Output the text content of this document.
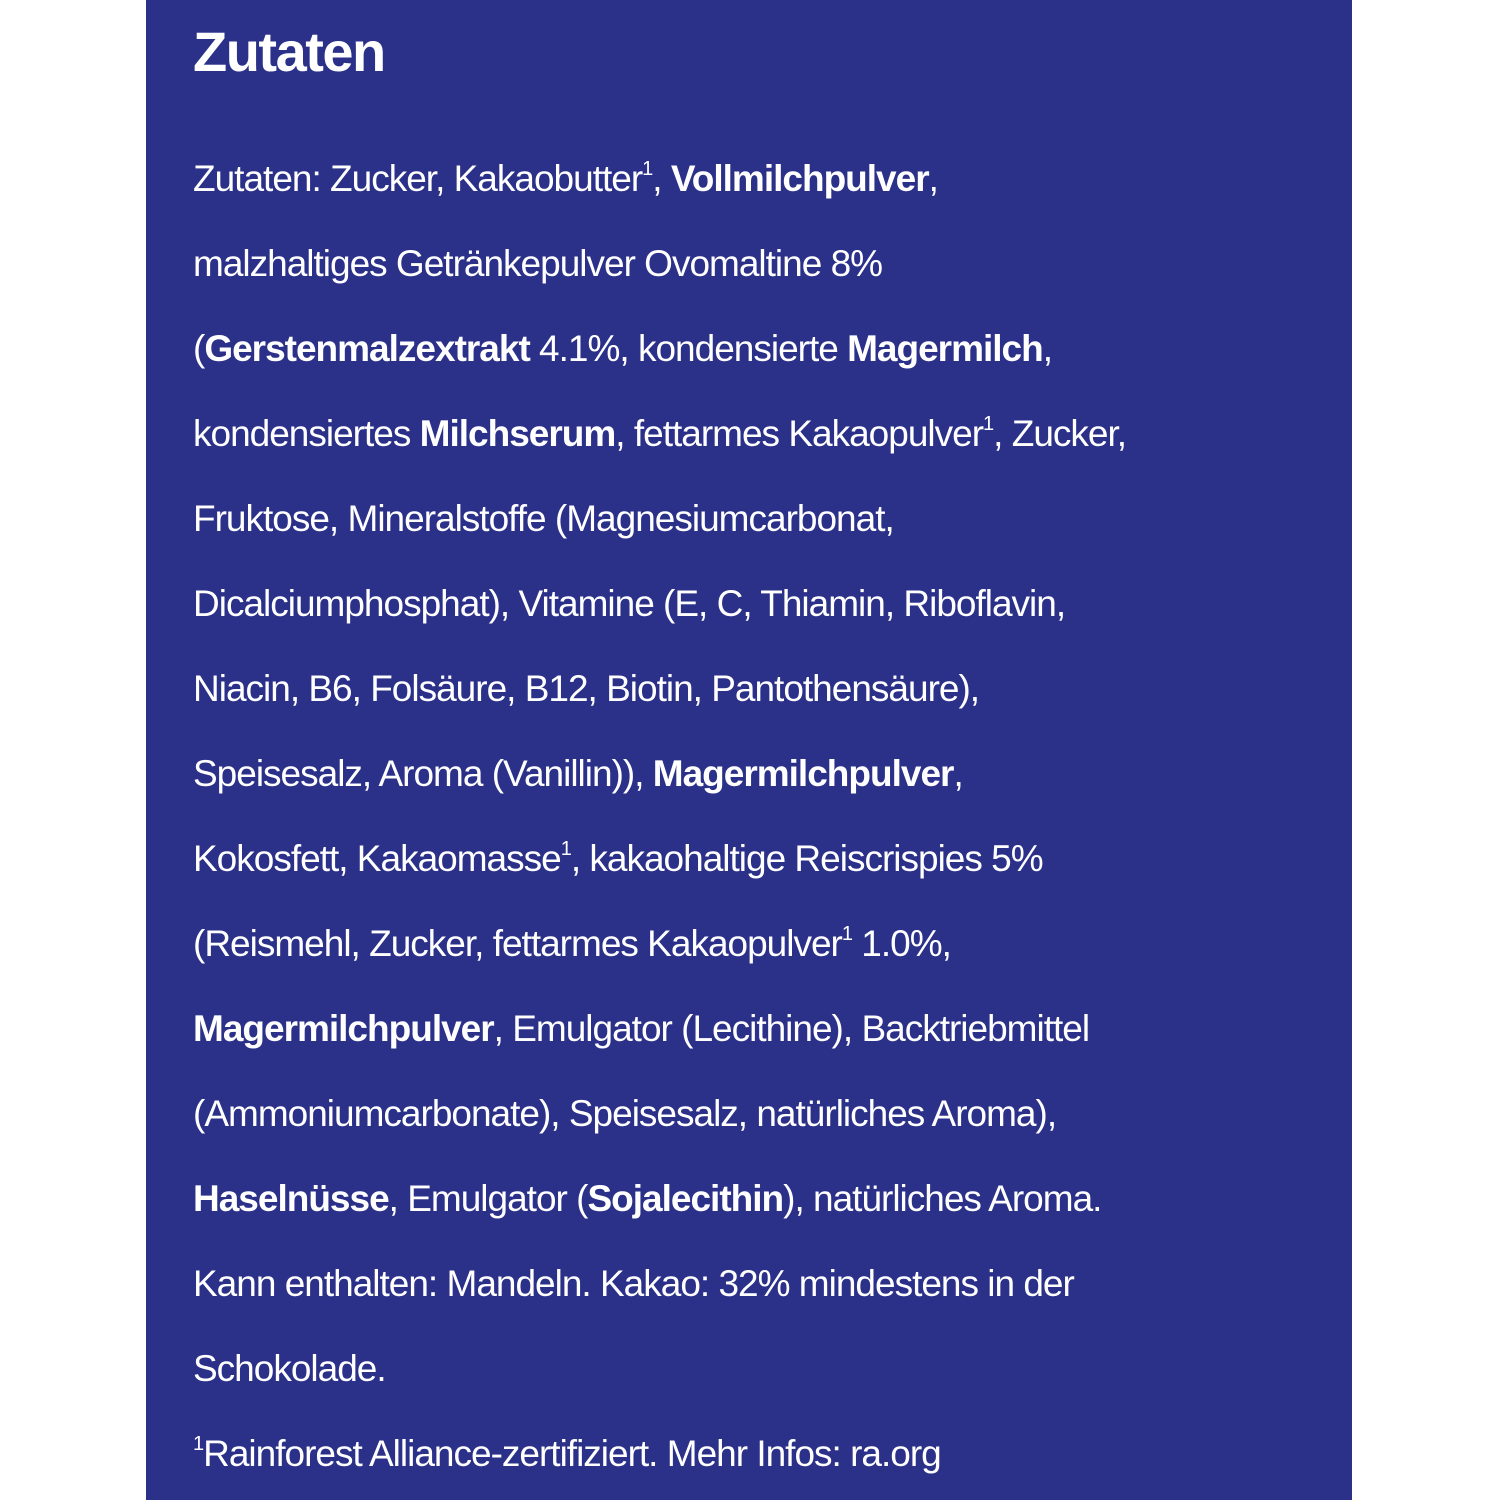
Zutaten
Zutaten: Zucker, Kakaobutter$^1$, Vollmilchpulver,
malzhaltiges Getränkepulver Ovomaltine 8%
(Gerstenmalzextrakt 4.1%, kondensierte Magermilch,
kondensiertes Milchserum, fettarmes Kakaopulver$^1$, Zucker,
Fruktose, Mineralstoffe (Magnesiumcarbonat,
Dicalciumphosphat), Vitamine (E, C, Thiamin, Riboflavin,
Niacin, B6, Folsäure, B12, Biotin, Pantothensäure),
Speisesalz, Aroma (Vanillin)), Magermilchpulver,
Kokosfett, Kakaomasse$^1$, kakaohaltige Reiscrispies 5%
(Reismehl, Zucker, fettarmes Kakaopulver$^1$ 1.0%,
Magermilchpulver, Emulgator (Lecithine), Backtriebmittel
(Ammoniumcarbonate), Speisesalz, natürliches Aroma),
Haselnüsse, Emulgator (Sojalecithin), natürliches Aroma.
Kann enthalten: Mandeln. Kakao: 32% mindestens in der
Schokolade.
$^1$Rainforest Alliance-zertifiziert. Mehr Infos: ra.org
